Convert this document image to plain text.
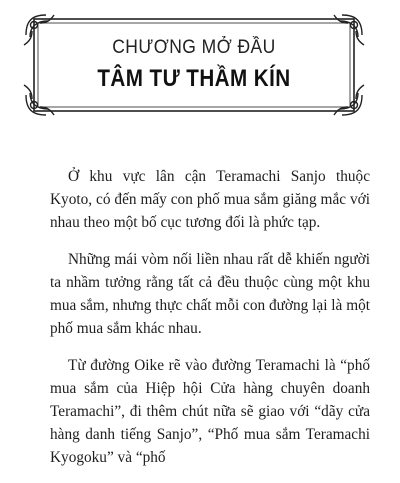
CHƯƠNG MỞ ĐẦU
TÂM TƯ THẦM KÍN

Ở khu vực lân cận Teramachi Sanjo thuộc Kyoto, có đến mấy con phố mua sắm giăng mắc với nhau theo một bố cục tương đối là phức tạp.

Những mái vòm nối liền nhau rất dễ khiến người ta nhầm tưởng rằng tất cả đều thuộc cùng một khu mua sắm, nhưng thực chất mỗi con đường lại là một phố mua sắm khác nhau.

Từ đường Oike rẽ vào đường Teramachi là “phố mua sắm của Hiệp hội Cửa hàng chuyên doanh Teramachi”, đi thêm chút nữa sẽ giao với “dãy cửa hàng danh tiếng Sanjo”, “Phố mua sắm Teramachi Kyogoku” và “phố
